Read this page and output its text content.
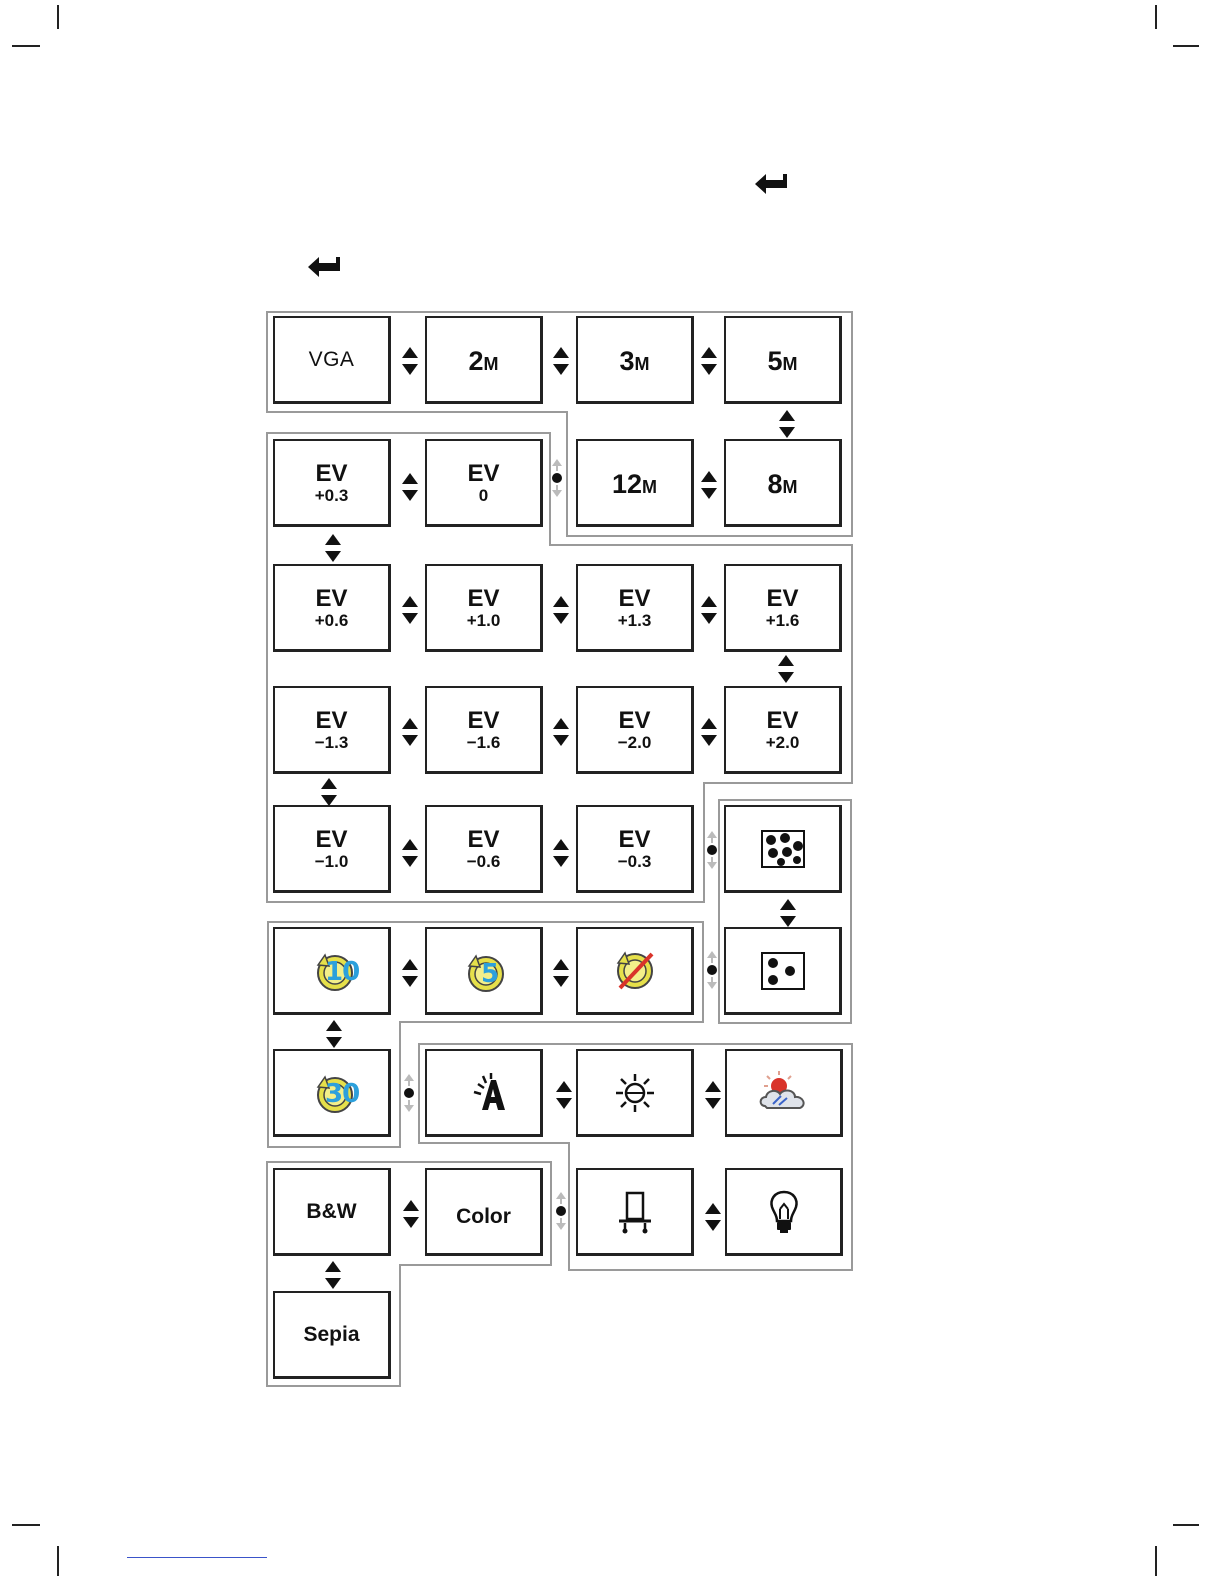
VGA	2 M	3 M	5 M
12 M	8 M
EV
+0.3
EV
0
EV
+0.6
EV
+1.0
EV
+1.3
EV
+1.6
EV
−1.3
EV
−1.6
EV
−2.0
EV
+2.0
EV
−1.0
EV
−0.6
EV
−0.3
10	5
30
B&W	Color
Sepia
